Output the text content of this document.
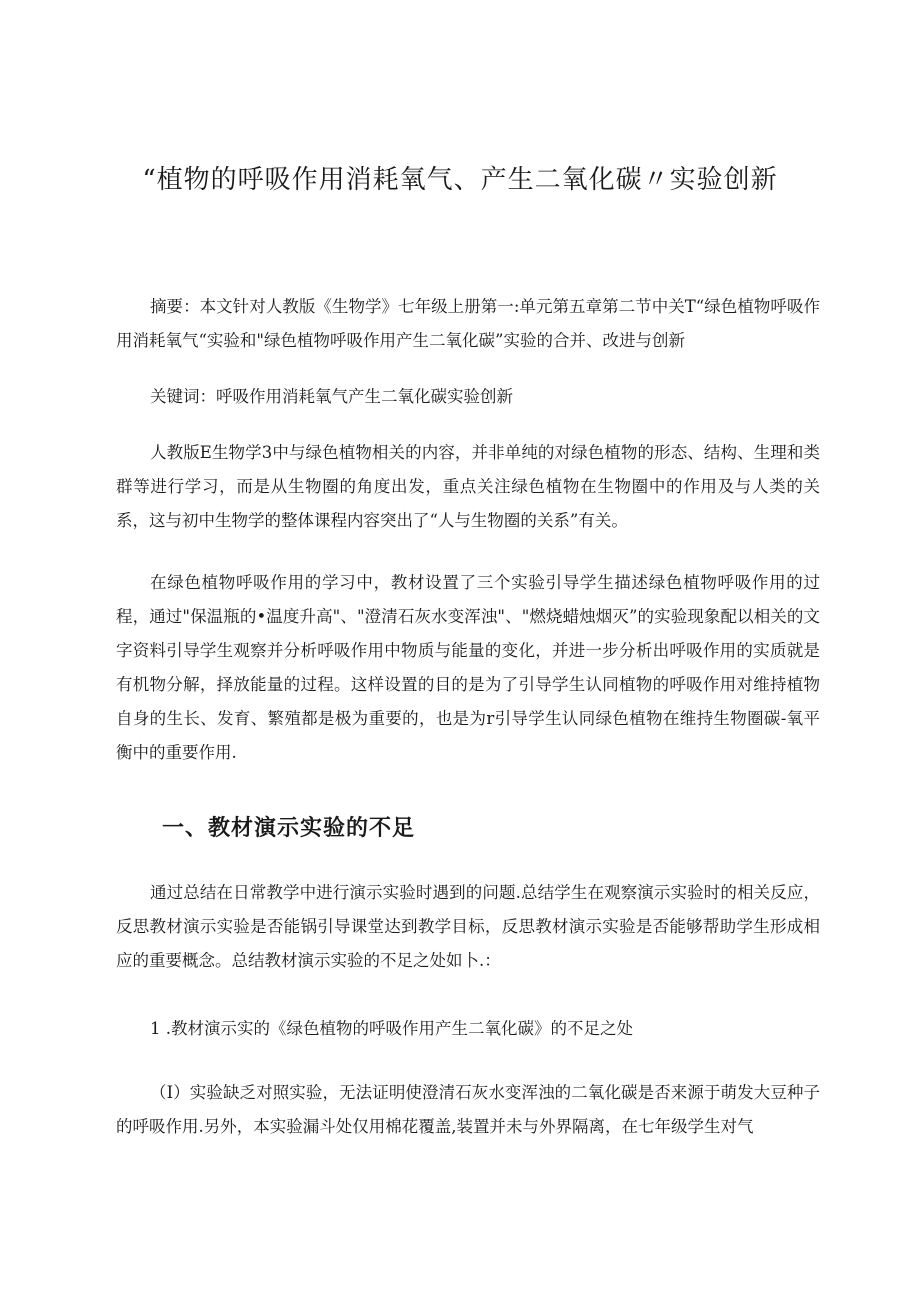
“植物的呼吸作用消耗氧气、产生二氧化碳〃实验创新

摘要：本文针对人教版《生物学》七年级上册第一:单元第五章第二节中关T“绿色植物呼吸作用消耗氧气“实验和"绿色植物呼吸作用产生二氧化碳”实验的合并、改进与创新

关键词：呼吸作用消耗氧气产生二氧化碳实验创新

人教版E生物学3中与绿色植物相关的内容，并非单纯的对绿色植物的形态、结构、生理和类群等进行学习，而是从生物圈的角度出发，重点关注绿色植物在生物圈中的作用及与人类的关系，这与初中生物学的整体课程内容突出了“人与生物圈的关系”有关。

在绿色植物呼吸作用的学习中，教材设置了三个实验引导学生描述绿色植物呼吸作用的过程，通过"保温瓶的•温度升高"、"澄清石灰水变浑浊"、"燃烧蜡烛烟灭”的实验现象配以相关的文字资料引导学生观察并分析呼吸作用中物质与能量的变化，并进一步分析出呼吸作用的实质就是有机物分解，择放能量的过程。这样设置的目的是为了引导学生认同植物的呼吸作用对维持植物自身的生长、发育、繁殖都是极为重要的，也是为r引导学生认同绿色植物在维持生物圈碳-氧平衡中的重要作用.

一、教材演示实验的不足

通过总结在日常教学中进行演示实验时遇到的问题.总结学生在观察演示实验时的相关反应，反思教材演示实验是否能锅引导课堂达到教学目标，反思教材演示实验是否能够帮助学生形成相应的重要概念。总结教材演示实验的不足之处如卜.：

1 .教材演示实的《绿色植物的呼吸作用产生二氧化碳》的不足之处

（I）实验缺乏对照实验，无法证明使澄清石灰水变浑浊的二氧化碳是否来源于萌发大豆种子的呼吸作用.另外，本实验漏斗处仅用棉花覆盖,装置并未与外界隔离，在七年级学生对气
